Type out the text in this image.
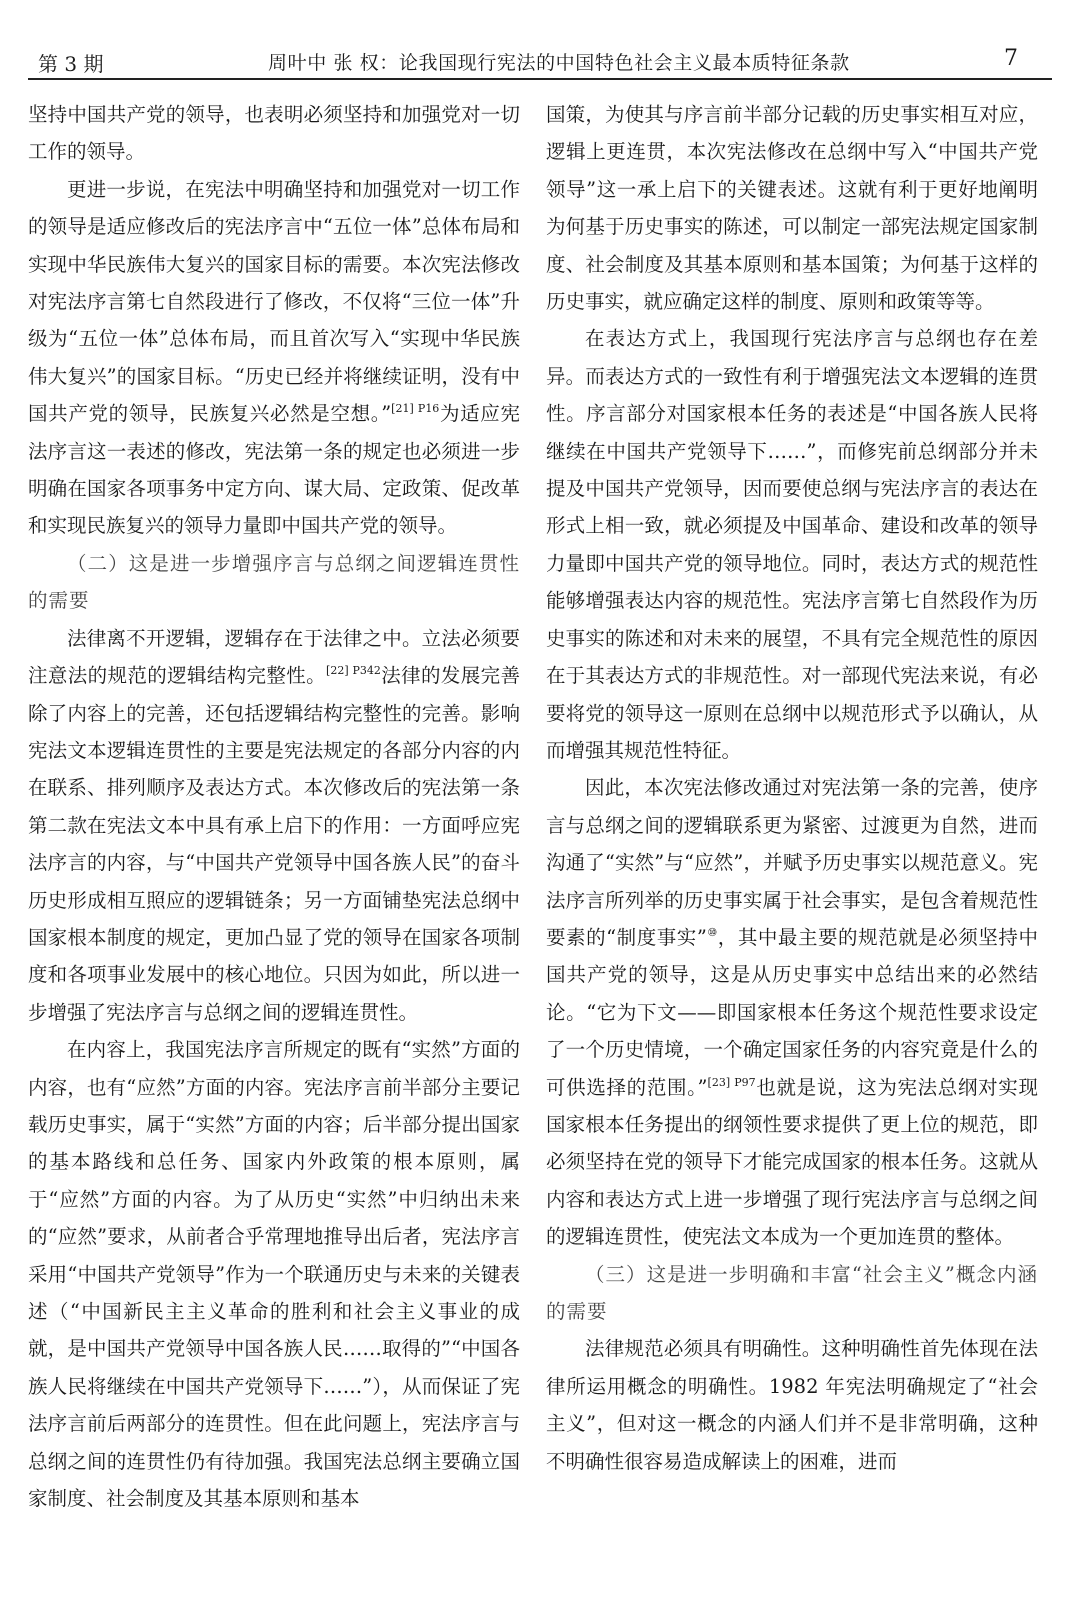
第 3 期	周叶中 张 权：论我国现行宪法的中国特色社会主义最本质特征条款	7

坚持中国共产党的领导，也表明必须坚持和加强党对一切工作的领导。

更进一步说，在宪法中明确坚持和加强党对一切工作的领导是适应修改后的宪法序言中“五位一体”总体布局和实现中华民族伟大复兴的国家目标的需要。本次宪法修改对宪法序言第七自然段进行了修改，不仅将“三位一体”升级为“五位一体”总体布局，而且首次写入“实现中华民族伟大复兴”的国家目标。“历史已经并将继续证明，没有中国共产党的领导，民族复兴必然是空想。”$^{[21] P16}$为适应宪法序言这一表述的修改，宪法第一条的规定也必须进一步明确在国家各项事务中定方向、谋大局、定政策、促改革和实现民族复兴的领导力量即中国共产党的领导。

（二）这是进一步增强序言与总纲之间逻辑连贯性的需要

法律离不开逻辑，逻辑存在于法律之中。立法必须要注意法的规范的逻辑结构完整性。$^{[22] P342}$法律的发展完善除了内容上的完善，还包括逻辑结构完整性的完善。影响宪法文本逻辑连贯性的主要是宪法规定的各部分内容的内在联系、排列顺序及表达方式。本次修改后的宪法第一条第二款在宪法文本中具有承上启下的作用：一方面呼应宪法序言的内容，与“中国共产党领导中国各族人民”的奋斗历史形成相互照应的逻辑链条；另一方面铺垫宪法总纲中国家根本制度的规定，更加凸显了党的领导在国家各项制度和各项事业发展中的核心地位。只因为如此，所以进一步增强了宪法序言与总纲之间的逻辑连贯性。

在内容上，我国宪法序言所规定的既有“实然”方面的内容，也有“应然”方面的内容。宪法序言前半部分主要记载历史事实，属于“实然”方面的内容；后半部分提出国家的基本路线和总任务、国家内外政策的根本原则，属于“应然”方面的内容。为了从历史“实然”中归纳出未来的“应然”要求，从前者合乎常理地推导出后者，宪法序言采用“中国共产党领导”作为一个联通历史与未来的关键表述（“中国新民主主义革命的胜利和社会主义事业的成就，是中国共产党领导中国各族人民……取得的”“中国各族人民将继续在中国共产党领导下……”），从而保证了宪法序言前后两部分的连贯性。但在此问题上，宪法序言与总纲之间的连贯性仍有待加强。我国宪法总纲主要确立国家制度、社会制度及其基本原则和基本

国策，为使其与序言前半部分记载的历史事实相互对应，逻辑上更连贯，本次宪法修改在总纲中写入“中国共产党领导”这一承上启下的关键表述。这就有利于更好地阐明为何基于历史事实的陈述，可以制定一部宪法规定国家制度、社会制度及其基本原则和基本国策；为何基于这样的历史事实，就应确定这样的制度、原则和政策等等。

在表达方式上，我国现行宪法序言与总纲也存在差异。而表达方式的一致性有利于增强宪法文本逻辑的连贯性。序言部分对国家根本任务的表述是“中国各族人民将继续在中国共产党领导下……”，而修宪前总纲部分并未提及中国共产党领导，因而要使总纲与宪法序言的表达在形式上相一致，就必须提及中国革命、建设和改革的领导力量即中国共产党的领导地位。同时，表达方式的规范性能够增强表达内容的规范性。宪法序言第七自然段作为历史事实的陈述和对未来的展望，不具有完全规范性的原因在于其表达方式的非规范性。对一部现代宪法来说，有必要将党的领导这一原则在总纲中以规范形式予以确认，从而增强其规范性特征。

因此，本次宪法修改通过对宪法第一条的完善，使序言与总纲之间的逻辑联系更为紧密、过渡更为自然，进而沟通了“实然”与“应然”，并赋予历史事实以规范意义。宪法序言所列举的历史事实属于社会事实，是包含着规范性要素的“制度事实”⑩，其中最主要的规范就是必须坚持中国共产党的领导，这是从历史事实中总结出来的必然结论。“它为下文——即国家根本任务这个规范性要求设定了一个历史情境，一个确定国家任务的内容究竟是什么的可供选择的范围。”$^{[23] P97}$也就是说，这为宪法总纲对实现国家根本任务提出的纲领性要求提供了更上位的规范，即必须坚持在党的领导下才能完成国家的根本任务。这就从内容和表达方式上进一步增强了现行宪法序言与总纲之间的逻辑连贯性，使宪法文本成为一个更加连贯的整体。

（三）这是进一步明确和丰富“社会主义”概念内涵的需要

法律规范必须具有明确性。这种明确性首先体现在法律所运用概念的明确性。1982 年宪法明确规定了“社会主义”，但对这一概念的内涵人们并不是非常明确，这种不明确性很容易造成解读上的困难，进而
